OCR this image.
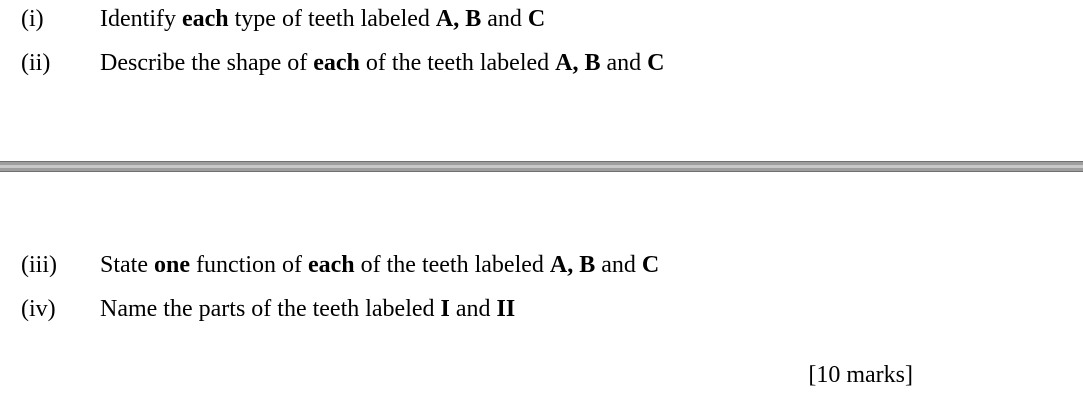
(i) Identify each type of teeth labeled A, B and C
(ii) Describe the shape of each of the teeth labeled A, B and C
(iii) State one function of each of the teeth labeled A, B and C
(iv) Name the parts of the teeth labeled I and II
[10 marks]
